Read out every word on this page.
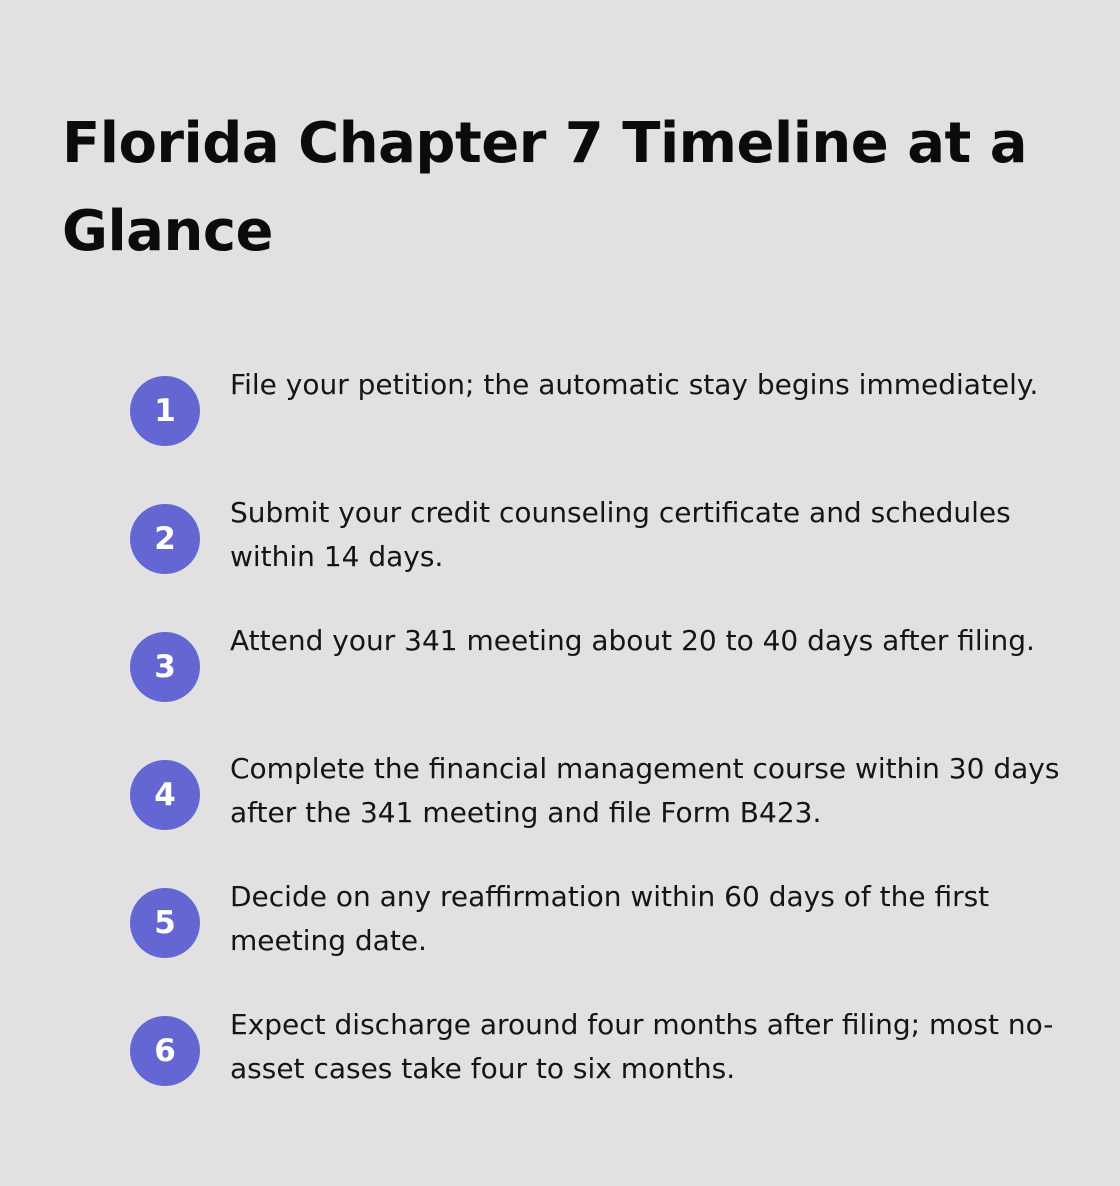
Florida Chapter 7 Timeline at a Glance
1
File your petition; the automatic stay begins immediately.
2
Submit your credit counseling certificate and schedules within 14 days.
3
Attend your 341 meeting about 20 to 40 days after filing.
4
Complete the financial management course within 30 days after the 341 meeting and file Form B423.
5
Decide on any reaffirmation within 60 days of the first meeting date.
6
Expect discharge around four months after filing; most no-asset cases take four to six months.
